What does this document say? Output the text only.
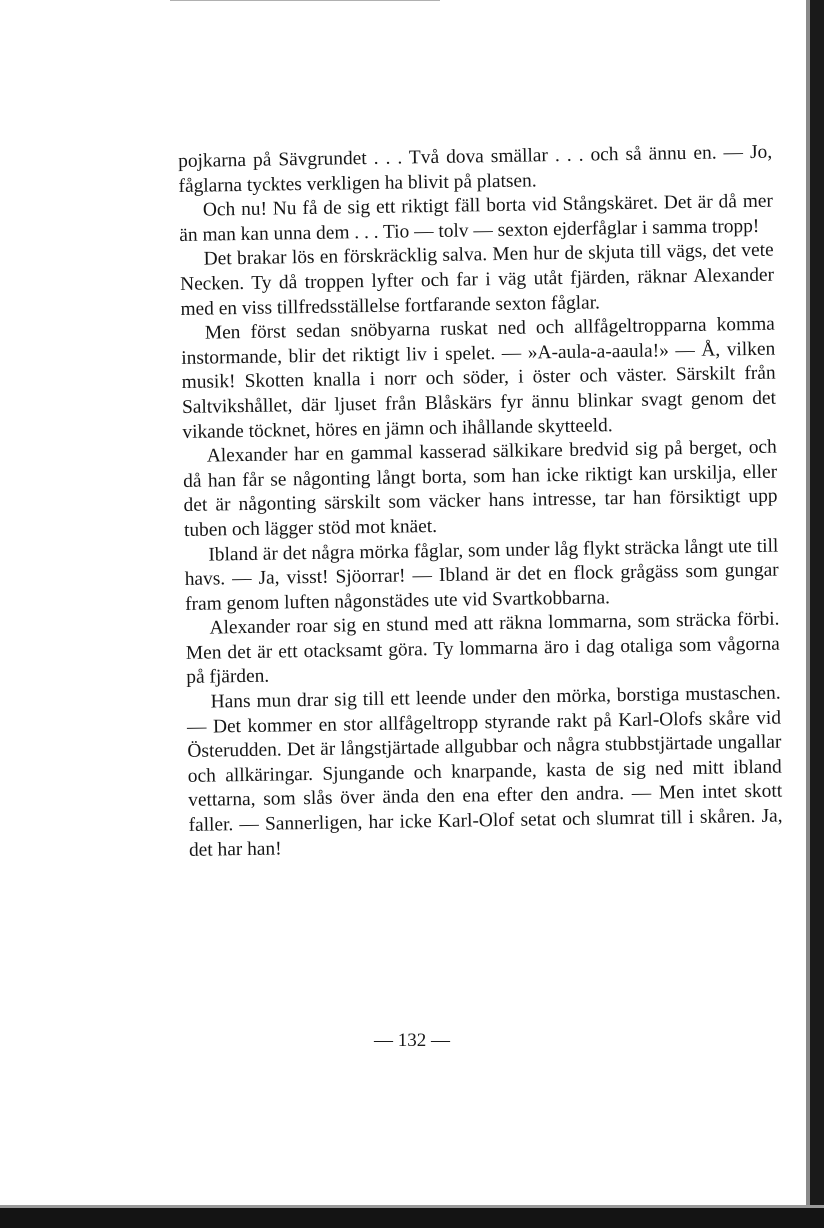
pojkarna på Sävgrundet . . . Två dova smällar . . . och så ännu en. — Jo, fåglarna tycktes verkligen ha blivit på platsen.

Och nu! Nu få de sig ett riktigt fäll borta vid Stångskäret. Det är då mer än man kan unna dem . . . Tio — tolv — sexton ejderfåglar i samma tropp!

Det brakar lös en förskräcklig salva. Men hur de skjuta till vägs, det vete Necken. Ty då troppen lyfter och far i väg utåt fjärden, räknar Alexander med en viss tillfredsställelse fortfarande sexton fåglar.

Men först sedan snöbyarna ruskat ned och allfågeltropparna komma instormande, blir det riktigt liv i spelet. — »A-aula-a-aaula!» — Å, vilken musik! Skotten knalla i norr och söder, i öster och väster. Särskilt från Saltvikshållet, där ljuset från Blåskärs fyr ännu blinkar svagt genom det vikande töcknet, höres en jämn och ihållande skytteeld.

Alexander har en gammal kasserad sälkikare bredvid sig på berget, och då han får se någonting långt borta, som han icke riktigt kan urskilja, eller det är någonting särskilt som väcker hans intresse, tar han försiktigt upp tuben och lägger stöd mot knäet.

Ibland är det några mörka fåglar, som under låg flykt sträcka långt ute till havs. — Ja, visst! Sjöorrar! — Ibland är det en flock grågäss som gungar fram genom luften någonstädes ute vid Svartkobbarna.

Alexander roar sig en stund med att räkna lommarna, som sträcka förbi. Men det är ett otacksamt göra. Ty lommarna äro i dag otaliga som vågorna på fjärden.

Hans mun drar sig till ett leende under den mörka, borstiga mustaschen. — Det kommer en stor allfågeltropp styrande rakt på Karl-Olofs skåre vid Österudden. Det är långstjärtade allgubbar och några stubbstjärtade ungallar och allkäringar. Sjungande och knarpande, kasta de sig ned mitt ibland vettarna, som slås över ända den ena efter den andra. — Men intet skott faller. — Sannerligen, har icke Karl-Olof setat och slumrat till i skåren. Ja, det har han!

— 132 —
